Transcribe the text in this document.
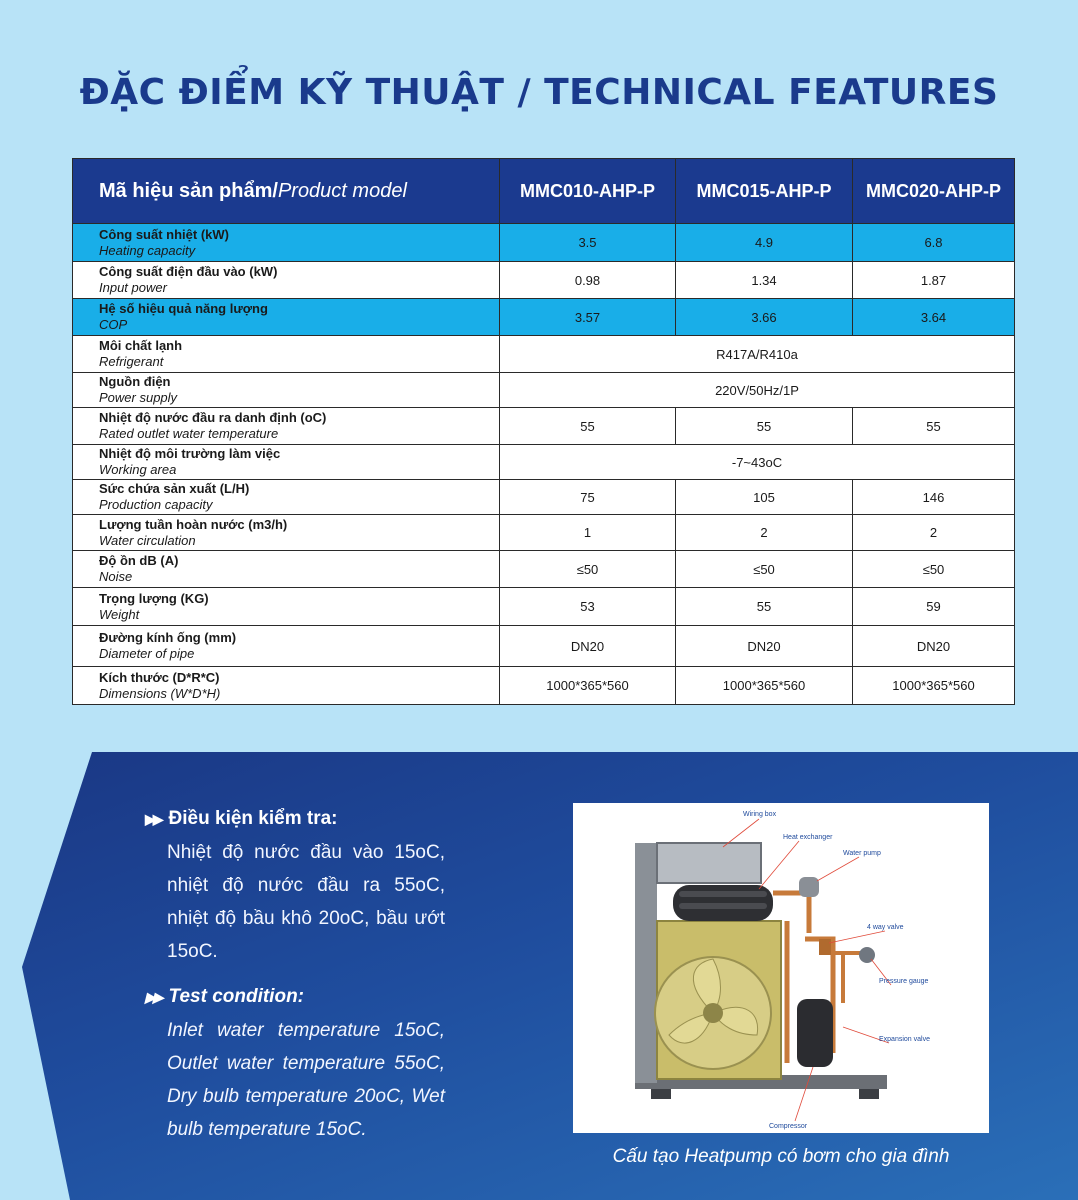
ĐẶC ĐIỂM KỸ THUẬT / TECHNICAL FEATURES
Mã hiệu sản phẩm/Product model	MMC010-AHP-P	MMC015-AHP-P	MMC020-AHP-P

Công suất nhiệt (kW)
Heating capacity	3.5	4.9	6.8

Công suất điện đầu vào (kW)
Input power	0.98	1.34	1.87

Hệ số hiệu quả năng lượng
COP	3.57	3.66	3.64

Môi chất lạnh
Refrigerant	R417A/R410a		

Nguồn điện
Power supply	220V/50Hz/1P		

Nhiệt độ nước đầu ra danh định (oC)
Rated outlet water temperature	55	55	55

Nhiệt độ môi trường làm việc
Working area	-7~43oC		

Sức chứa sản xuất (L/H)
Production capacity	75	105	146

Lượng tuần hoàn nước (m3/h)
Water circulation	1	2	2

Độ ồn dB (A)
Noise	≤50	≤50	≤50

Trọng lượng (KG)
Weight	53	55	59

Đường kính ống (mm)
Diameter of pipe	DN20	DN20	DN20

Kích thước (D*R*C)
Dimensions (W*D*H)	1000*365*560	1000*365*560	1000*365*560
▶▶ Điều kiện kiểm tra:

Nhiệt độ nước đầu vào 15oC, nhiệt độ nước đầu ra 55oC, nhiệt độ bầu khô 20oC, bầu ướt 15oC.

▶▶ Test condition:

Inlet water temperature 15oC, Outlet water temperature 55oC, Dry bulb temperature 20oC, Wet bulb temperature 15oC.

Wiring box
Heat exchanger
Water pump
4 way valve
Pressure gauge
Expansion valve
Compressor
Cấu tạo Heatpump có bơm cho gia đình
